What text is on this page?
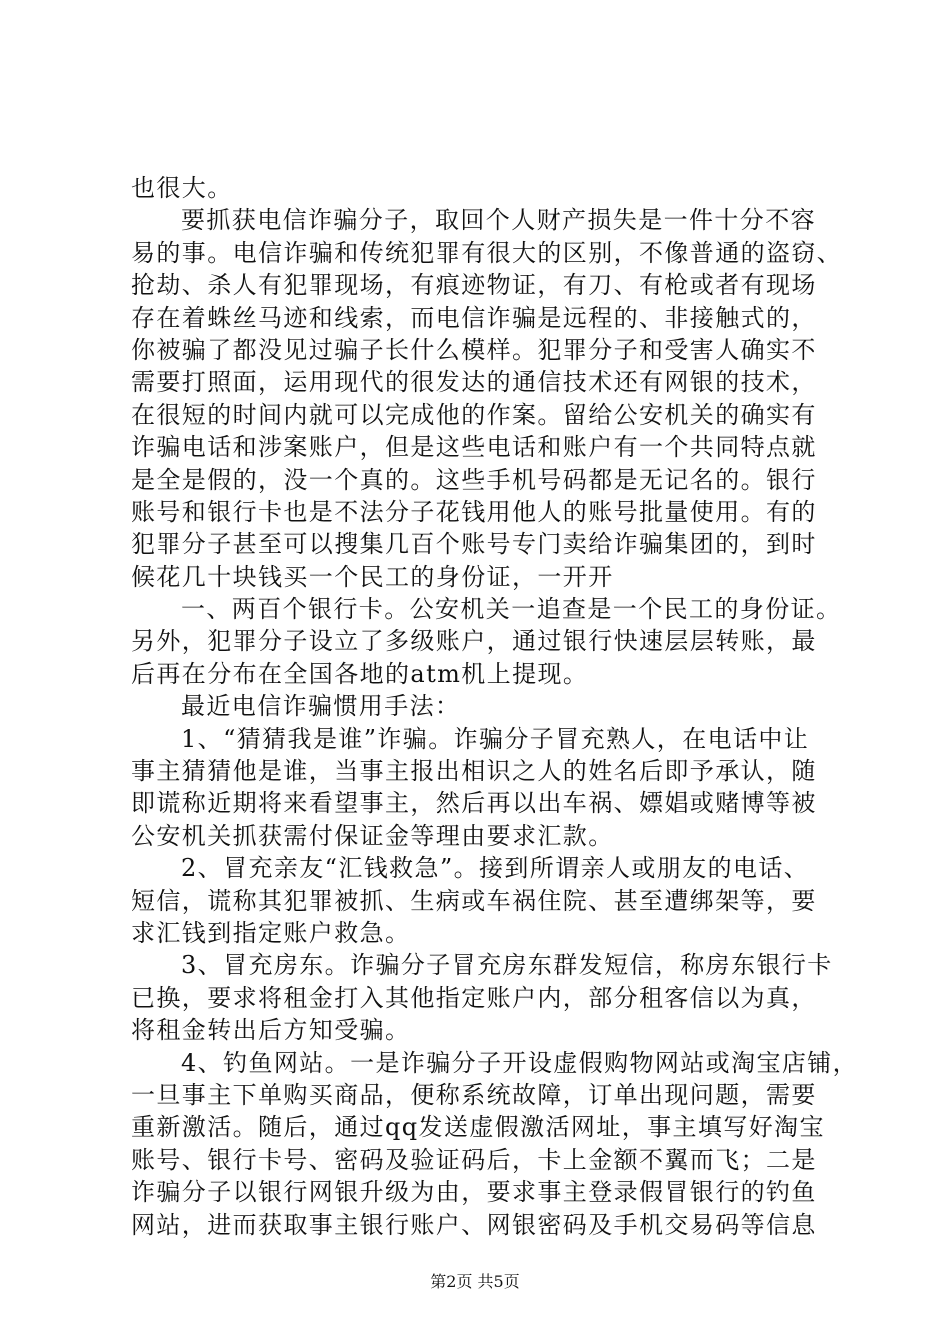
也很大。
要抓获电信诈骗分子，取回个人财产损失是一件十分不容
易的事。电信诈骗和传统犯罪有很大的区别，不像普通的盗窃、
抢劫、杀人有犯罪现场，有痕迹物证，有刀、有枪或者有现场
存在着蛛丝马迹和线索，而电信诈骗是远程的、非接触式的，
你被骗了都没见过骗子长什么模样。犯罪分子和受害人确实不
需要打照面，运用现代的很发达的通信技术还有网银的技术，
在很短的时间内就可以完成他的作案。留给公安机关的确实有
诈骗电话和涉案账户，但是这些电话和账户有一个共同特点就
是全是假的，没一个真的。这些手机号码都是无记名的。银行
账号和银行卡也是不法分子花钱用他人的账号批量使用。有的
犯罪分子甚至可以搜集几百个账号专门卖给诈骗集团的，到时
候花几十块钱买一个民工的身份证，一开开
一、两百个银行卡。公安机关一追查是一个民工的身份证。
另外，犯罪分子设立了多级账户，通过银行快速层层转账，最
后再在分布在全国各地的atm机上提现。
最近电信诈骗惯用手法：
1、“猜猜我是谁”诈骗。诈骗分子冒充熟人，在电话中让
事主猜猜他是谁，当事主报出相识之人的姓名后即予承认，随
即谎称近期将来看望事主，然后再以出车祸、嫖娼或赌博等被
公安机关抓获需付保证金等理由要求汇款。
2、冒充亲友“汇钱救急”。接到所谓亲人或朋友的电话、
短信，谎称其犯罪被抓、生病或车祸住院、甚至遭绑架等，要
求汇钱到指定账户救急。
3、冒充房东。诈骗分子冒充房东群发短信，称房东银行卡
已换，要求将租金打入其他指定账户内，部分租客信以为真，
将租金转出后方知受骗。
4、钓鱼网站。一是诈骗分子开设虚假购物网站或淘宝店铺，
一旦事主下单购买商品，便称系统故障，订单出现问题，需要
重新激活。随后，通过qq发送虚假激活网址，事主填写好淘宝
账号、银行卡号、密码及验证码后，卡上金额不翼而飞；二是
诈骗分子以银行网银升级为由，要求事主登录假冒银行的钓鱼
网站，进而获取事主银行账户、网银密码及手机交易码等信息
第2页 共5页
